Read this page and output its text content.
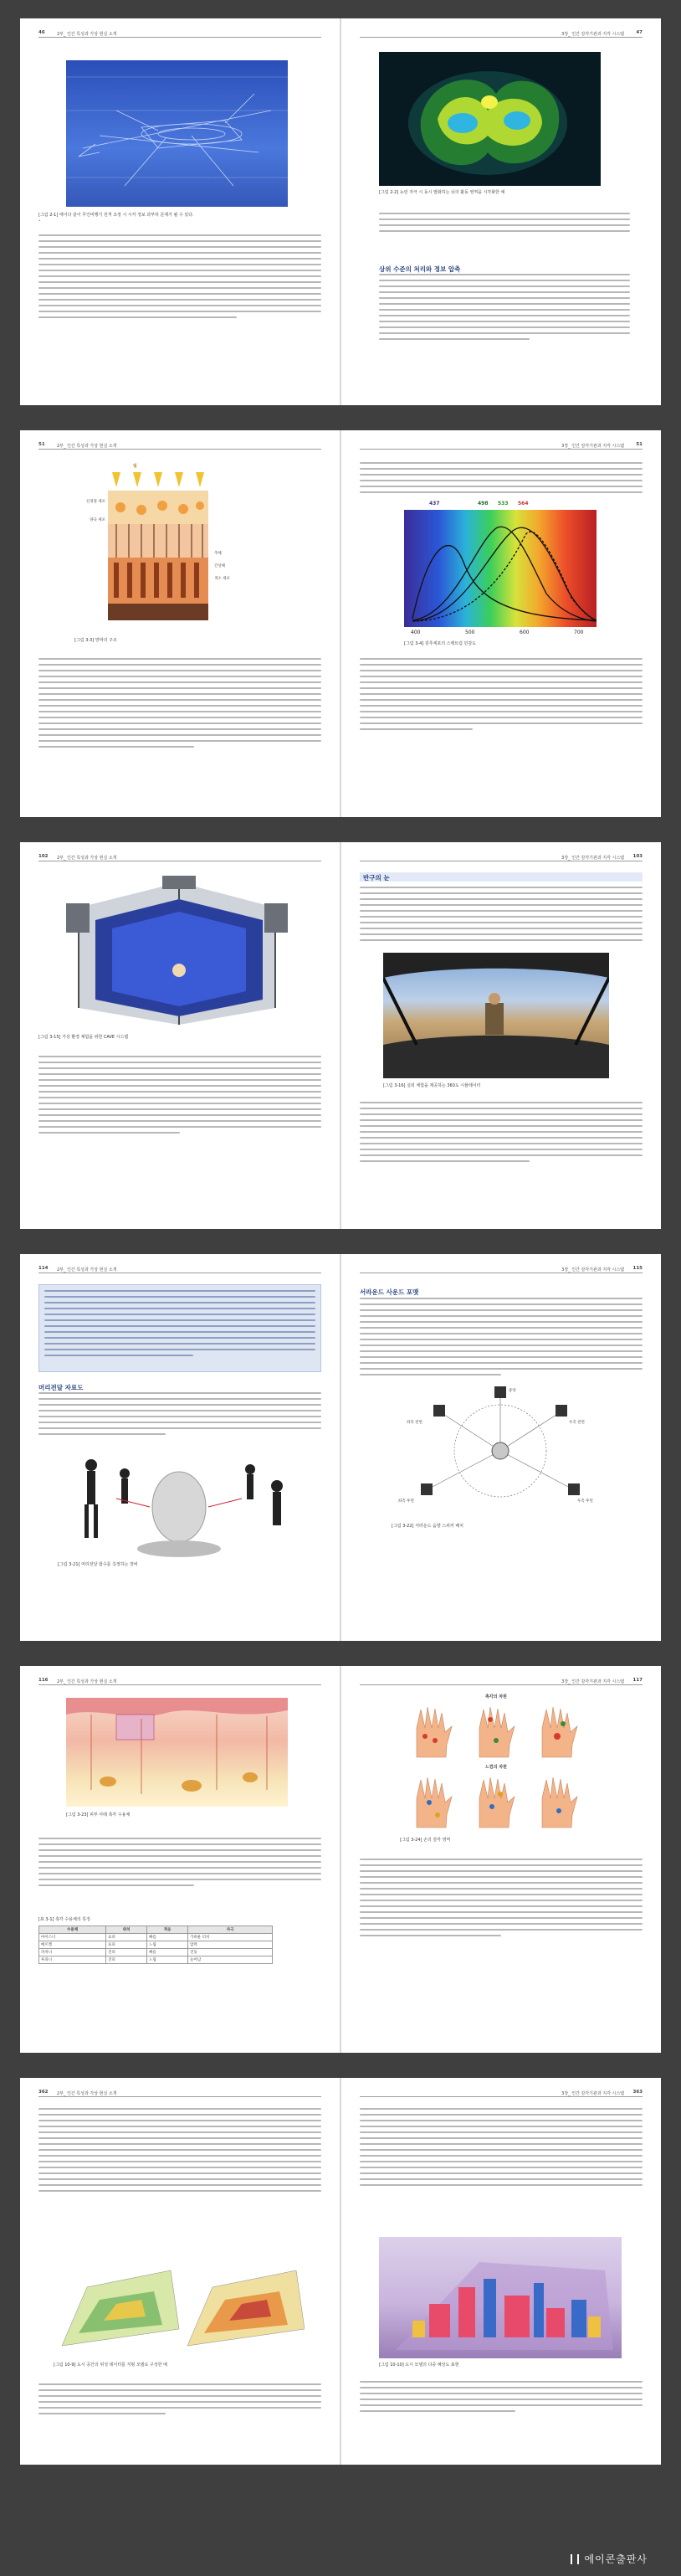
46	2부_ 인간 특성과 가상 현실 소개
[그림 2-1] 에이다 같이 무인비행기 원격 조정 시 시각 정보 과부하 문제가 될 수 있다.
•
3장_ 인간 감각기관과 지각 시스템	47
[그림 2-2] 뉴런 자극 시 동시 발화하는 뇌의 활동 영역을 시각화한 예
상위 수준의 처리와 정보 압축
51	2부_ 인간 특성과 가상 현실 소개
빛
신경절 세포
양극 세포
추체
간상체
색소 세포
[그림 3-3] 망막의 구조
3장_ 인간 감각기관과 지각 시스템	51
437	498 533 564
400	500	600	700
[그림 3-4] 원추세포의 스펙트럼 민감도
102 2부_ 인간 특성과 가상 현실 소개
[그림 3-15] 가상 환경 체험을 위한 CAVE 시스템
3장_ 인간 감각기관과 지각 시스템 103
반구의 눈
[그림 3-16] 실외 체험을 제공하는 360도 시뮬레이터
114 2부_ 인간 특성과 가상 현실 소개
머리전달 자료도
[그림 3-21] 머리전달 함수를 측정하는 장비
3장_ 인간 감각기관과 지각 시스템 115
서라운드 사운드 포맷
중앙
좌측 전면	우측 전면
좌측 후면	우측 후면
[그림 3-22] 서라운드 음향 스피커 배치
116 2부_ 인간 특성과 가상 현실 소개
[그림 3-23] 피부 아래 촉각 수용체
[표 3-1] 촉각 수용체의 특징
수용체	위치	적응	자극
마이스너	표피	빠름	가벼운 터치
메르켈	표피	느림	압력
파치니	진피	빠름	진동
루피니	진피	느림	늘어남
3장_ 인간 감각기관과 지각 시스템 117
촉각의 차원
느낌의 차원
[그림 3-24] 손의 감각 영역
362 2부_ 인간 특성과 가상 현실 소개
[그림 10-9] 도시 공간의 위성 데이터를 지형 모델로 구성한 예
3장_ 인간 감각기관과 지각 시스템 363
[그림 10-10] 도시 모델의 다중 해상도 표현
에이콘출판사
